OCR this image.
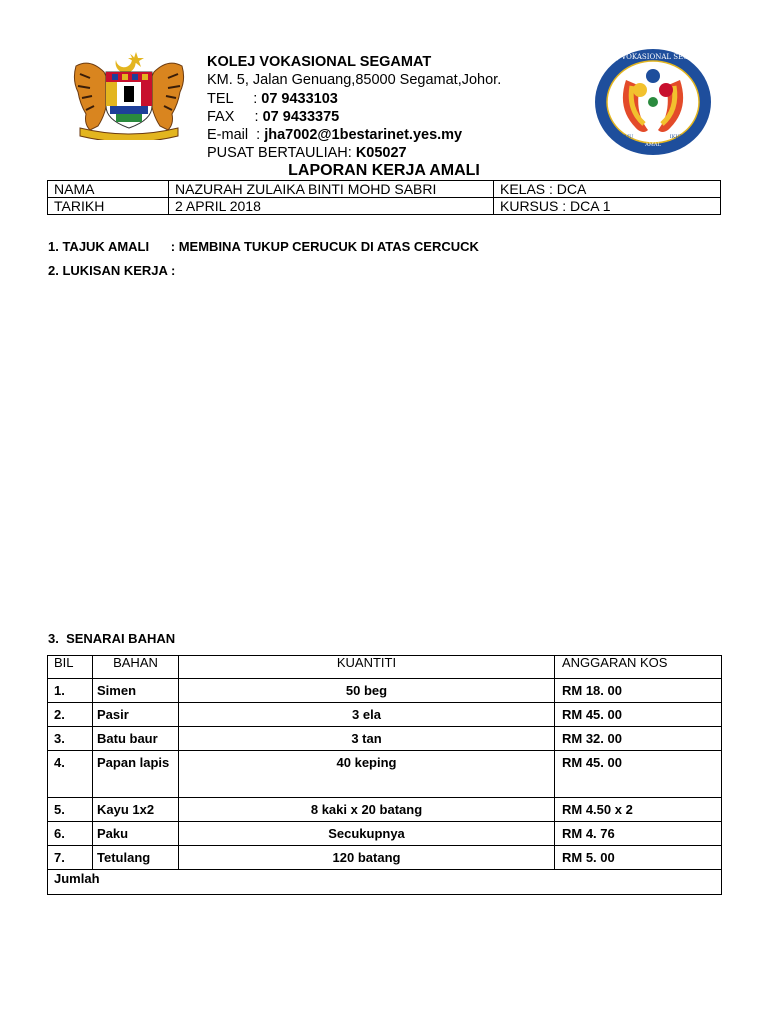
KOLEJ VOKASIONAL SEGAMAT
KM. 5, Jalan Genuang,85000 Segamat,Johor.
TEL     : 07 9433103
FAX     : 07 9433375
E-mail  : jha7002@1bestarinet.yes.my
PUSAT BERTAULIAH: K05027
KOLEJ VOKASIONAL SEGAMAT
ILMU
AMAL
IKHLAS
LAPORAN KERJA AMALI
NAMA	NAZURAH ZULAIKA BINTI MOHD SABRI	KELAS : DCA
TARIKH	2 APRIL 2018	KURSUS : DCA 1
1. TAJUK AMALI      : MEMBINA TUKUP CERUCUK DI ATAS CERCUCK
2. LUKISAN KERJA :
3.  SENARAI BAHAN
BIL	BAHAN	KUANTITI	ANGGARAN KOS
1.	Simen	50 beg	RM 18. 00
2.	Pasir	3 ela	RM 45. 00
3.	Batu baur	3 tan	RM 32. 00
4.	Papan lapis	40 keping	RM 45. 00
5.	Kayu 1x2	8 kaki x 20 batang	RM 4.50 x 2
6.	Paku	Secukupnya	RM 4. 76
7.	Tetulang	120 batang	RM 5. 00
Jumlah			
